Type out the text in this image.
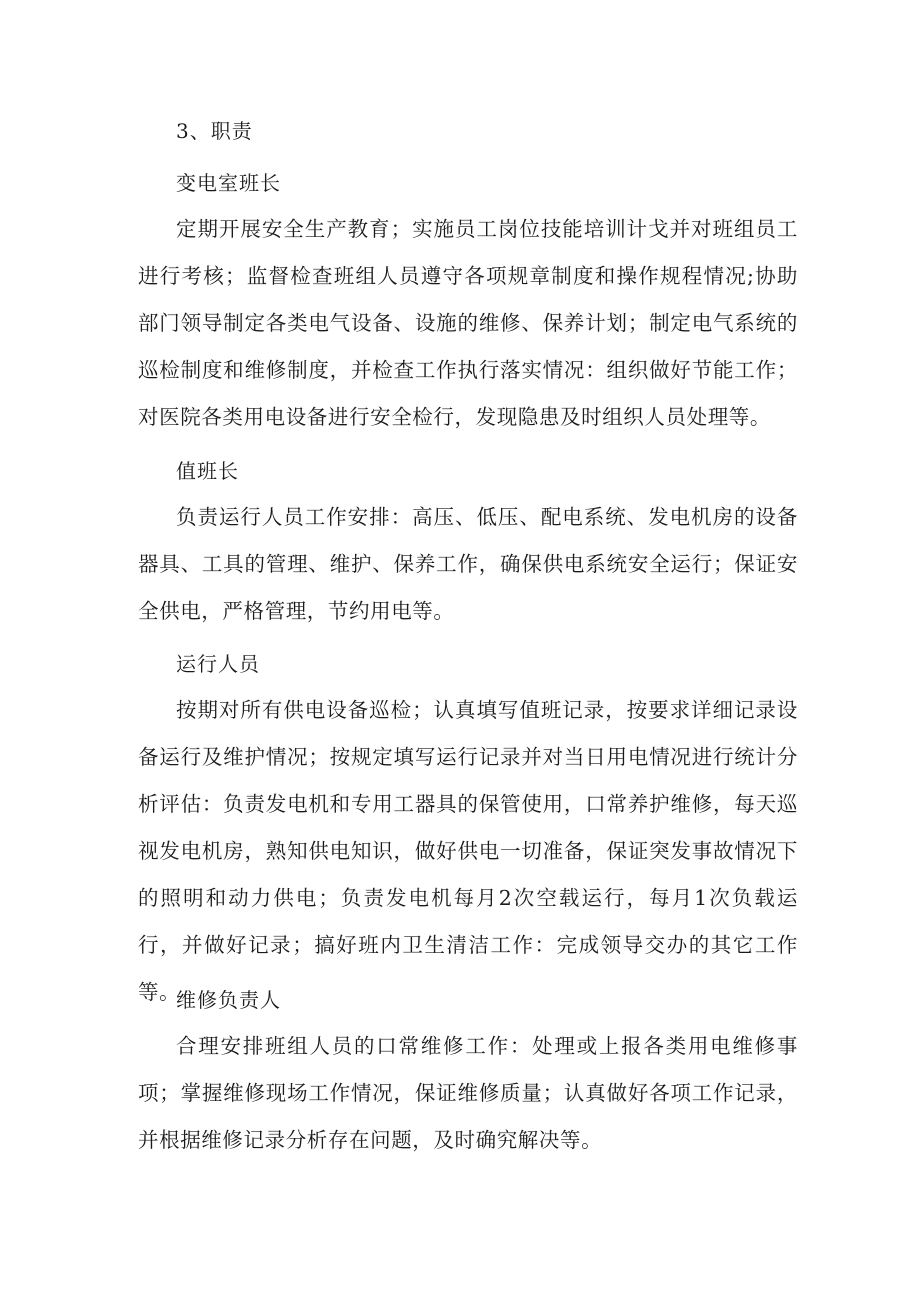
3、职责
变电室班长

定期开展安全生产教育；实施员工岗位技能培训计戈并对班组员工进行考核；监督检查班组人员遵守各项规章制度和操作规程情况;协助部门领导制定各类电气设备、设施的维修、保养计划；制定电气系统的巡检制度和维修制度，并检查工作执行落实情况：组织做好节能工作；对医院各类用电设备进行安全检行，发现隐患及时组织人员处理等。

值班长

负责运行人员工作安排：高压、低压、配电系统、发电机房的设备器具、工具的管理、维护、保养工作，确保供电系统安全运行；保证安全供电，严格管理，节约用电等。

运行人员

按期对所有供电设备巡检；认真填写值班记录，按要求详细记录设备运行及维护情况；按规定填写运行记录并对当日用电情况进行统计分析评估：负责发电机和专用工器具的保管使用，口常养护维修，每天巡视发电机房，熟知供电知识，做好供电一切准备，保证突发事故情况下的照明和动力供电；负责发电机每月2次空载运行，每月1次负载运行，并做好记录；搞好班内卫生清洁工作：完成领导交办的其它工作等。

维修负责人

合理安排班组人员的口常维修工作：处理或上报各类用电维修事项；掌握维修现场工作情况，保证维修质量；认真做好各项工作记录，并根据维修记录分析存在问题，及时确究解决等。
